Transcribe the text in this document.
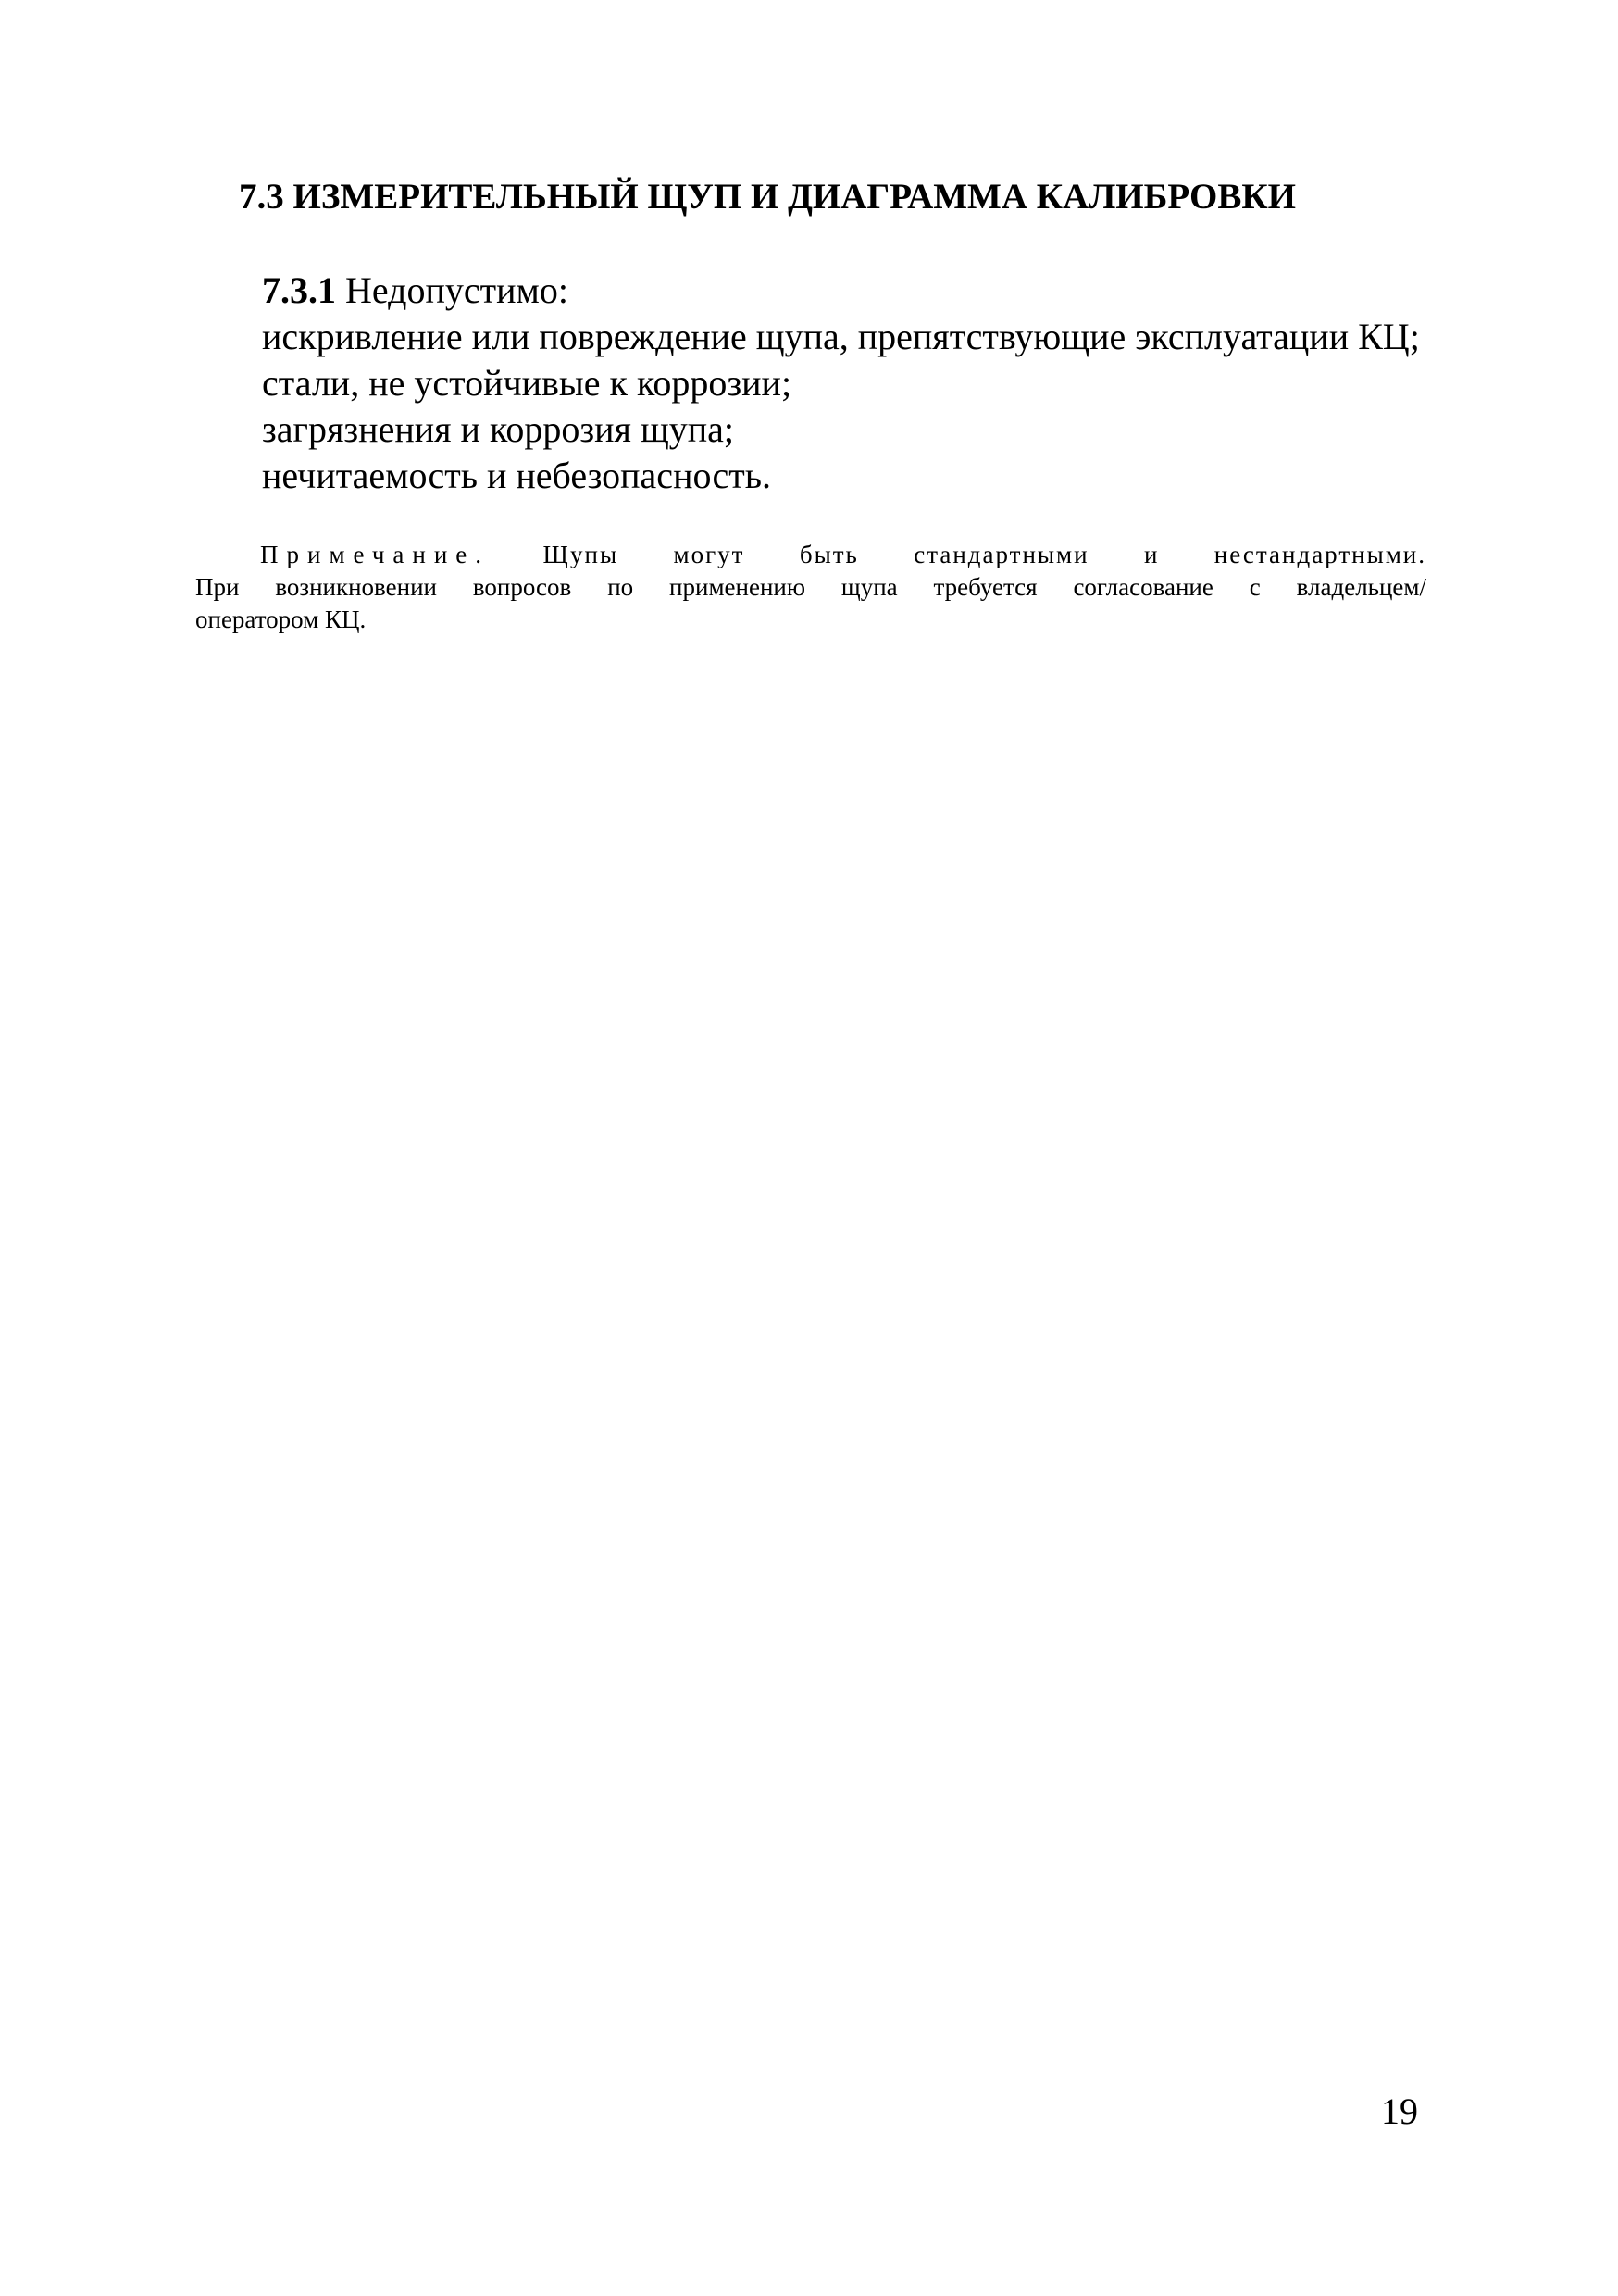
7.3 ИЗМЕРИТЕЛЬНЫЙ ЩУП И ДИАГРАММА КАЛИБРОВКИ

7.3.1 Недопустимо:

искривление или повреждение щупа, препятствующие эксплуатации КЦ;
стали, не устойчивые к коррозии;
загрязнения и коррозия щупа;
нечитаемость и небезопасность.

Примечание. Щупы могут быть стандартными и нестандартными.

При возникновении вопросов по применению щупа требуется согласование с владельцем/

оператором КЦ.

19
